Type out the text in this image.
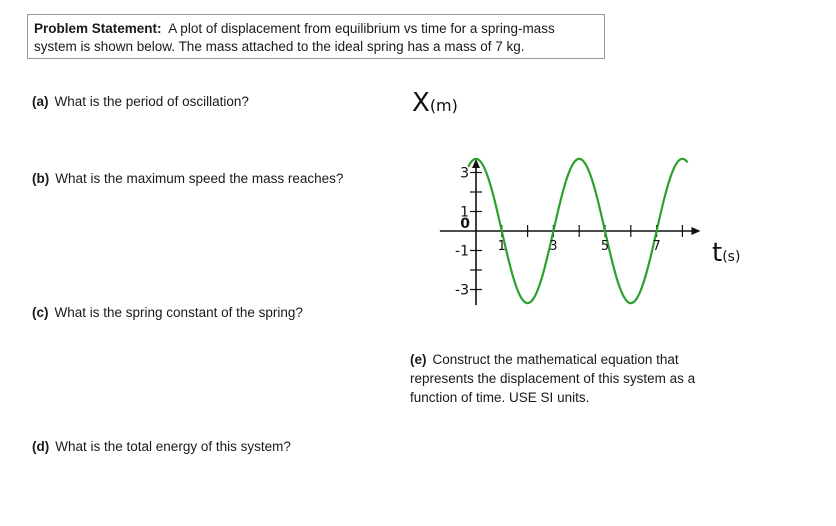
Problem Statement: A plot of displacement from equilibrium vs time for a spring-mass
system is shown below. The mass attached to the ideal spring has a mass of 7 kg.
(a) What is the period of oscillation?
(b) What is the maximum speed the mass reaches?
(c) What is the spring constant of the spring?
(d) What is the total energy of this system?
(e) Construct the mathematical equation that represents the displacement of this system as a function of time. USE SI units.
1	3	5	7
3
1
-1
-3
0
X(m)
t(s)
